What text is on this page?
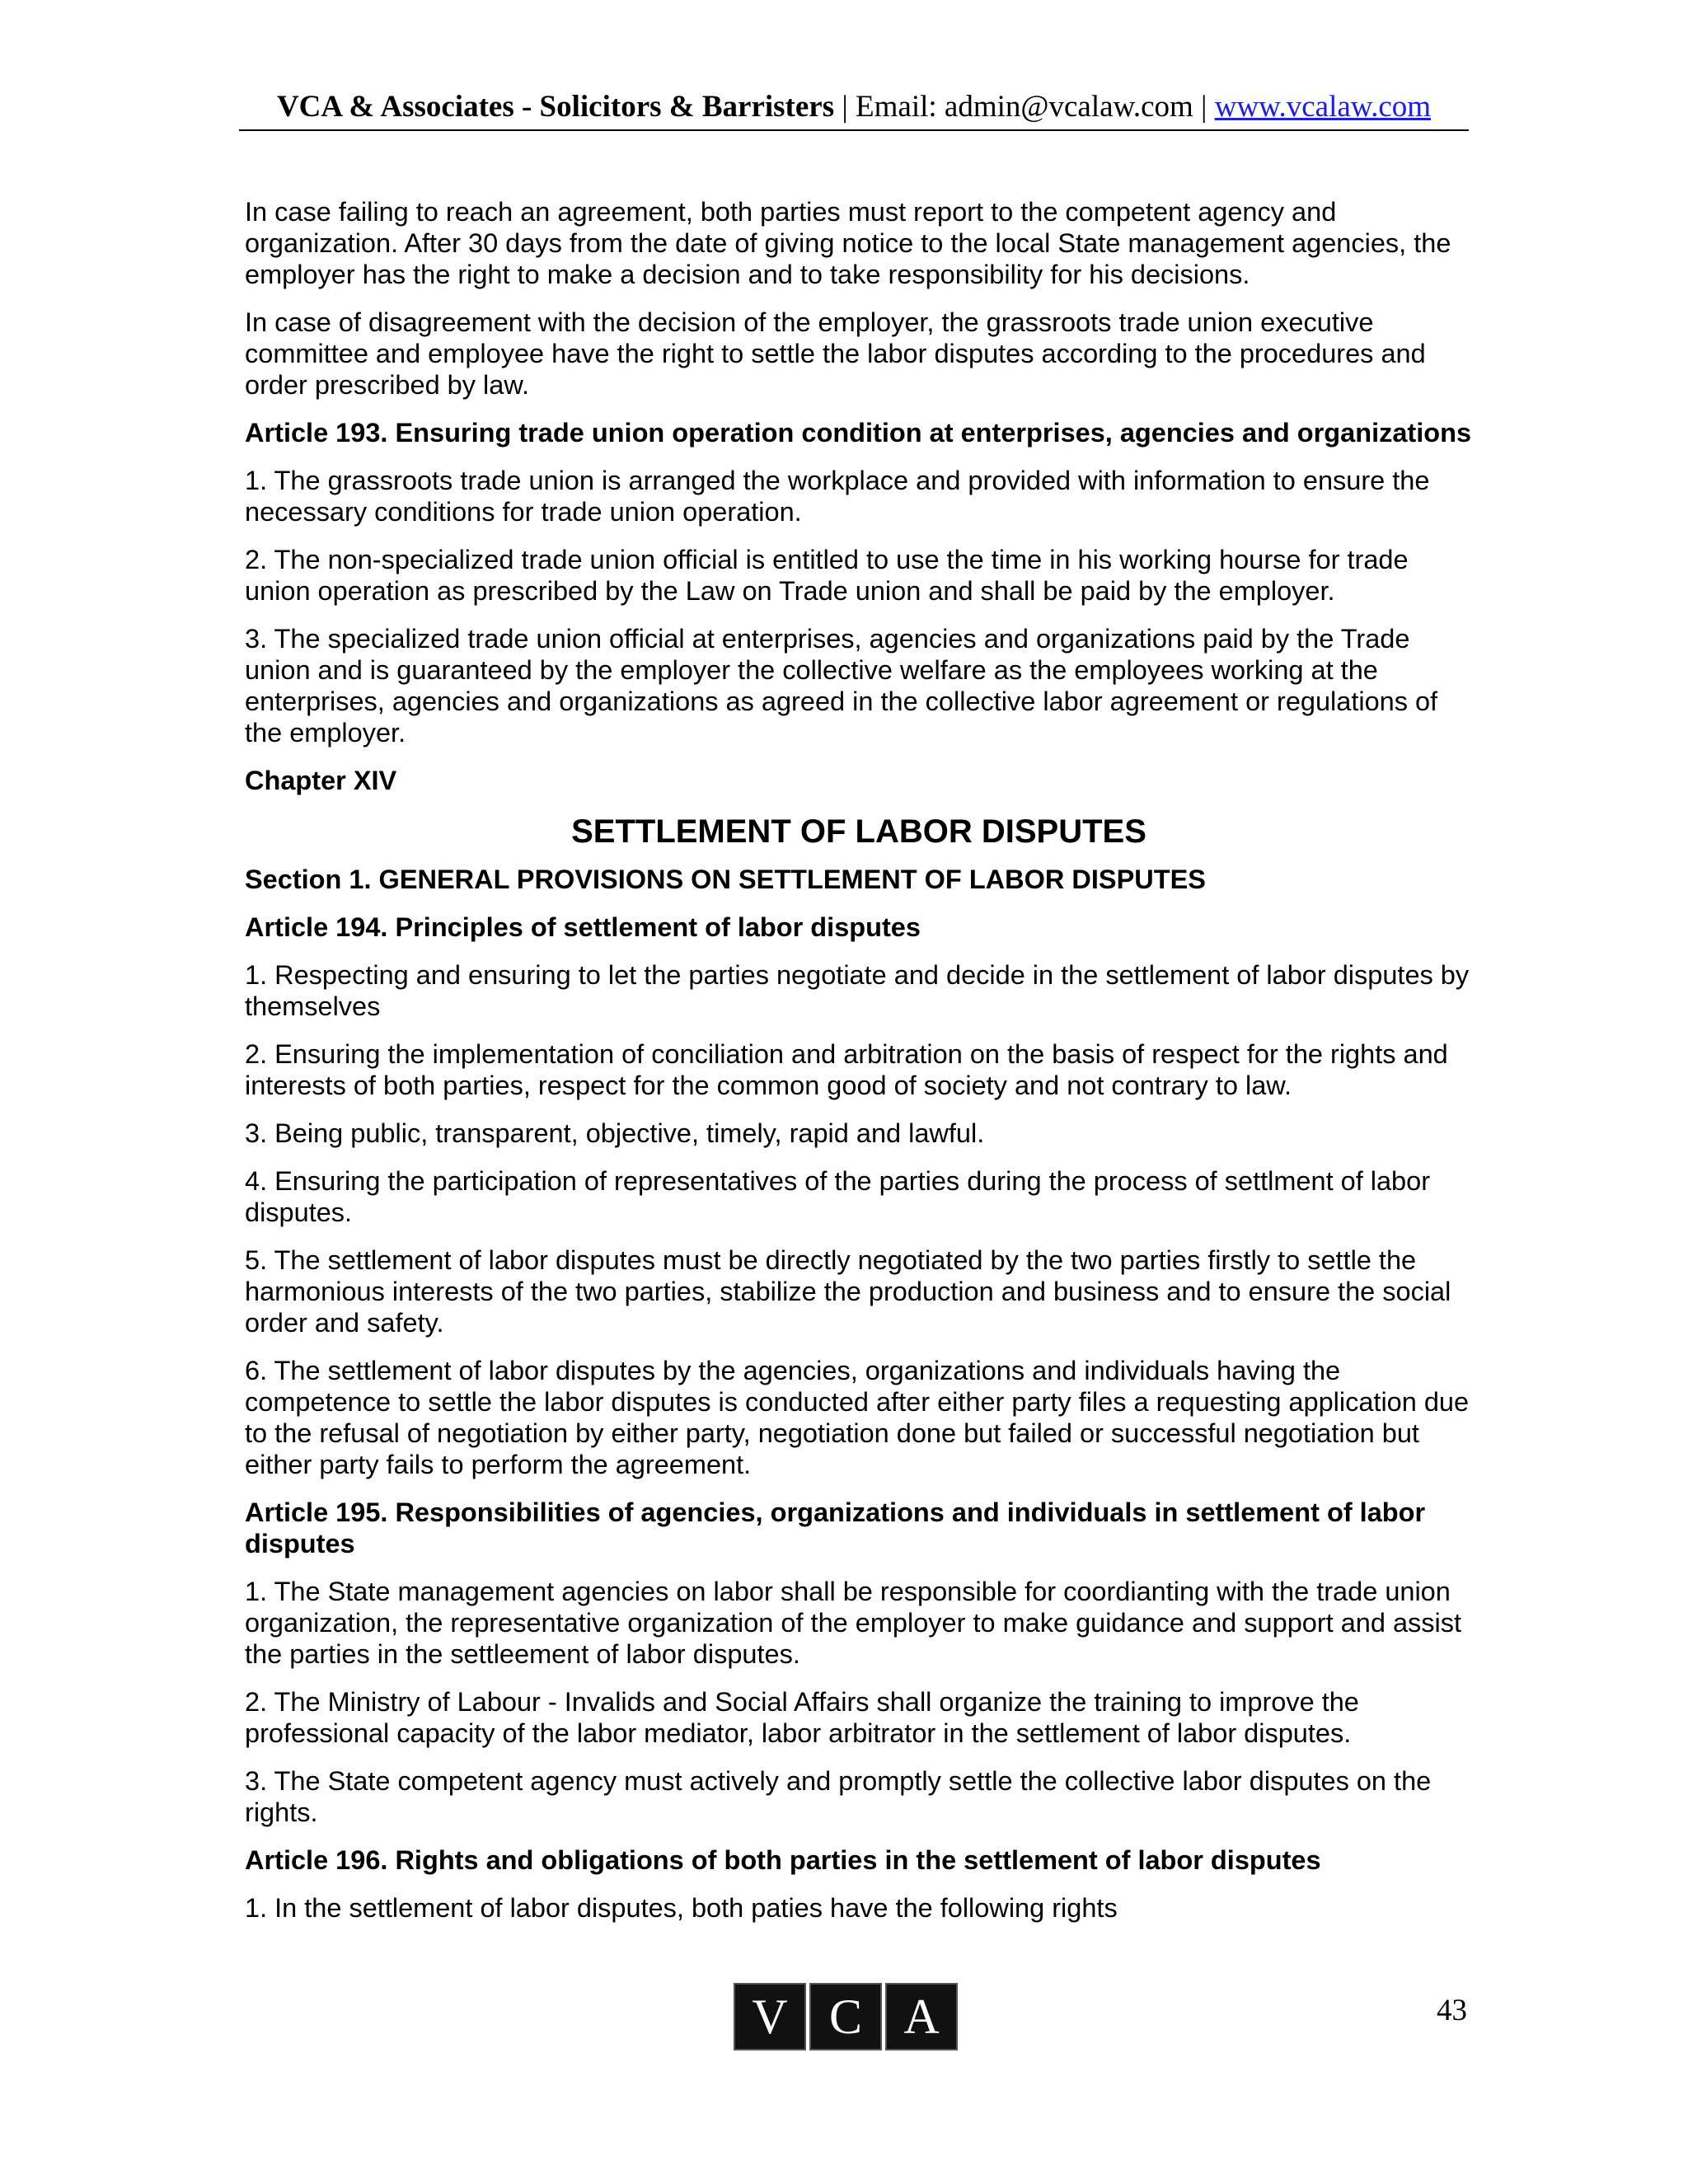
VCA & Associates - Solicitors & Barristers | Email: admin@vcalaw.com | www.vcalaw.com

In case failing to reach an agreement, both parties must report to the competent agency and organization. After 30 days from the date of giving notice to the local State management agencies, the employer has the right to make a decision and to take responsibility for his decisions.

In case of disagreement with the decision of the employer, the grassroots trade union executive committee and employee have the right to settle the labor disputes according to the procedures and order prescribed by law.

Article 193. Ensuring trade union operation condition at enterprises, agencies and organizations

1. The grassroots trade union is arranged the workplace and provided with information to ensure the necessary conditions for trade union operation.

2. The non-specialized trade union official is entitled to use the time in his working hourse for trade union operation as prescribed by the Law on Trade union and shall be paid by the employer.

3. The specialized trade union official at enterprises, agencies and organizations paid by the Trade union and is guaranteed by the employer the collective welfare as the employees working at the enterprises, agencies and organizations as agreed in the collective labor agreement or regulations of the employer.

Chapter XIV

SETTLEMENT OF LABOR DISPUTES

Section 1. GENERAL PROVISIONS ON SETTLEMENT OF LABOR DISPUTES

Article 194. Principles of settlement of labor disputes

1. Respecting and ensuring to let the parties negotiate and decide in the settlement of labor disputes by themselves

2. Ensuring the implementation of conciliation and arbitration on the basis of respect for the rights and interests of both parties, respect for the common good of society and not contrary to law.

3. Being public, transparent, objective, timely, rapid and lawful.

4. Ensuring the participation of representatives of the parties during the process of settlment of labor disputes.

5. The settlement of labor disputes must be directly negotiated by the two parties firstly to settle the harmonious interests of the two parties, stabilize the production and business and to ensure the social order and safety.

6. The settlement of labor disputes by the agencies, organizations and individuals having the competence to settle the labor disputes is conducted after either party files a requesting application due to the refusal of negotiation by either party, negotiation done but failed or successful negotiation but either party fails to perform the agreement.

Article 195. Responsibilities of agencies, organizations and individuals in settlement of labor disputes

1. The State management agencies on labor shall be responsible for coordianting with the trade union organization, the representative organization of the employer to make guidance and support and assist the parties in the settleement of labor disputes.

2. The Ministry of Labour - Invalids and Social Affairs shall organize the training to improve the professional capacity of the labor mediator, labor arbitrator in the settlement of labor disputes.

3. The State competent agency must actively and promptly settle the collective labor disputes on the rights.

Article 196. Rights and obligations of both parties in the settlement of labor disputes

1. In the settlement of labor disputes, both paties have the following rights

V C A	43
